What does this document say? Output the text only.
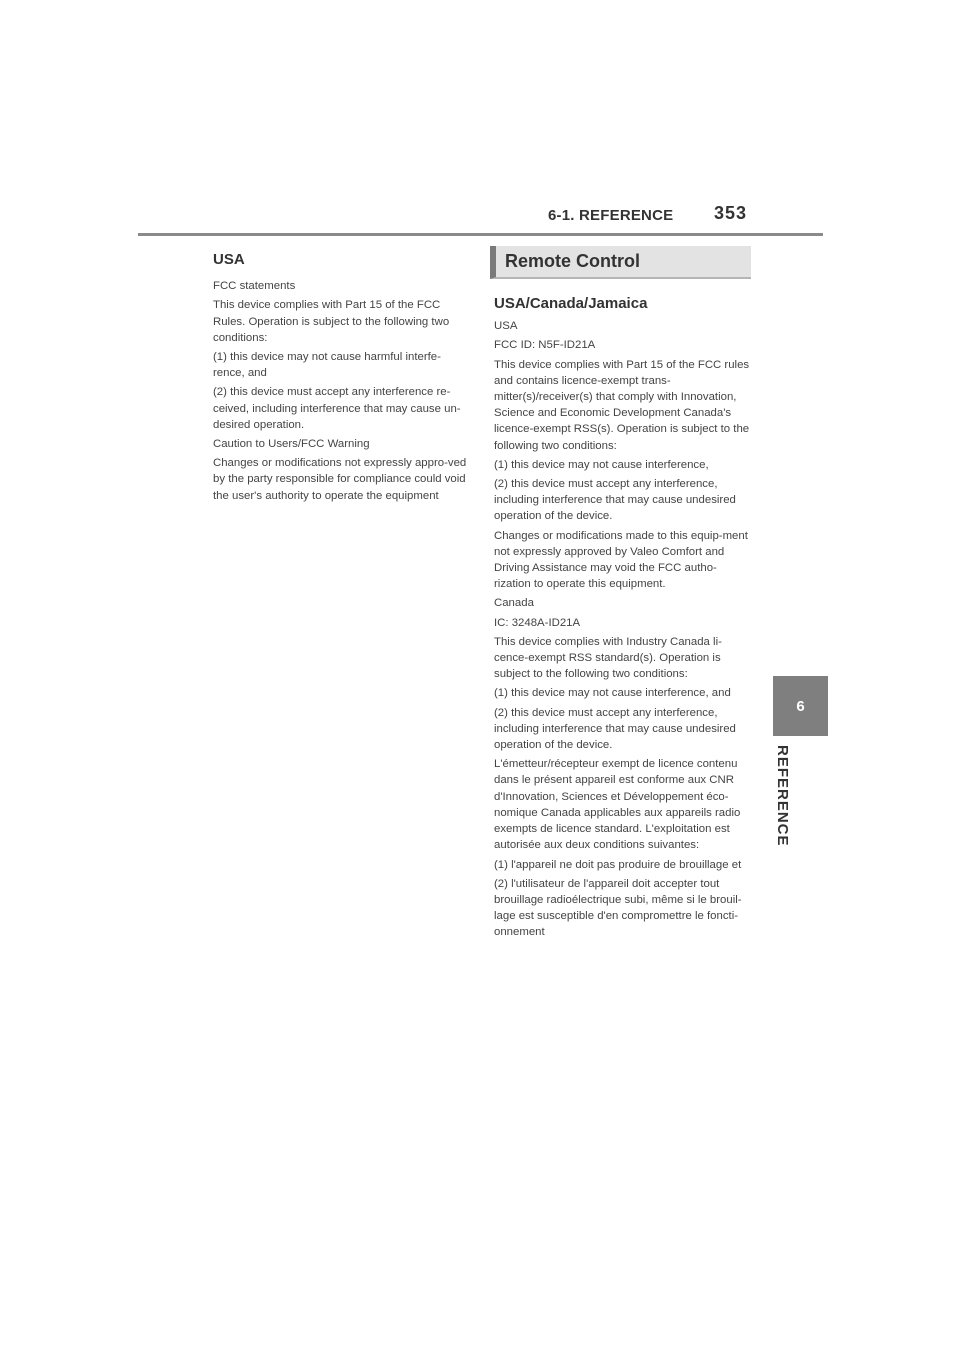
6-1. REFERENCE 353
USA

FCC statements

This device complies with Part 15 of the FCC Rules. Operation is subject to the following two conditions:

(1) this device may not cause harmful interfe-rence, and

(2) this device must accept any interference re-ceived, including interference that may cause un-desired operation.

Caution to Users/FCC Warning

Changes or modifications not expressly appro-ved by the party responsible for compliance could void the user's authority to operate the equipment

Remote Control
USA/Canada/Jamaica

USA

FCC ID: N5F-ID21A

This device complies with Part 15 of the FCC rules and contains licence-exempt trans-mitter(s)/receiver(s) that comply with Innovation, Science and Economic Development Canada's licence-exempt RSS(s). Operation is subject to the following two conditions:

(1) this device may not cause interference,

(2) this device must accept any interference, including interference that may cause undesired operation of the device.

Changes or modifications made to this equip-ment not expressly approved by Valeo Comfort and Driving Assistance may void the FCC autho-rization to operate this equipment.

Canada

IC: 3248A-ID21A

This device complies with Industry Canada li-cence-exempt RSS standard(s). Operation is subject to the following two conditions:

(1) this device may not cause interference, and

(2) this device must accept any interference, including interference that may cause undesired operation of the device.

L'émetteur/récepteur exempt de licence contenu dans le présent appareil est conforme aux CNR d'Innovation, Sciences et Développement éco-nomique Canada applicables aux appareils radio exempts de licence standard. L'exploitation est autorisée aux deux conditions suivantes:

(1) l'appareil ne doit pas produire de brouillage et

(2) l'utilisateur de l'appareil doit accepter tout brouillage radioélectrique subi, même si le brouil-lage est susceptible d'en compromettre le foncti-onnement

6
REFERENCE
